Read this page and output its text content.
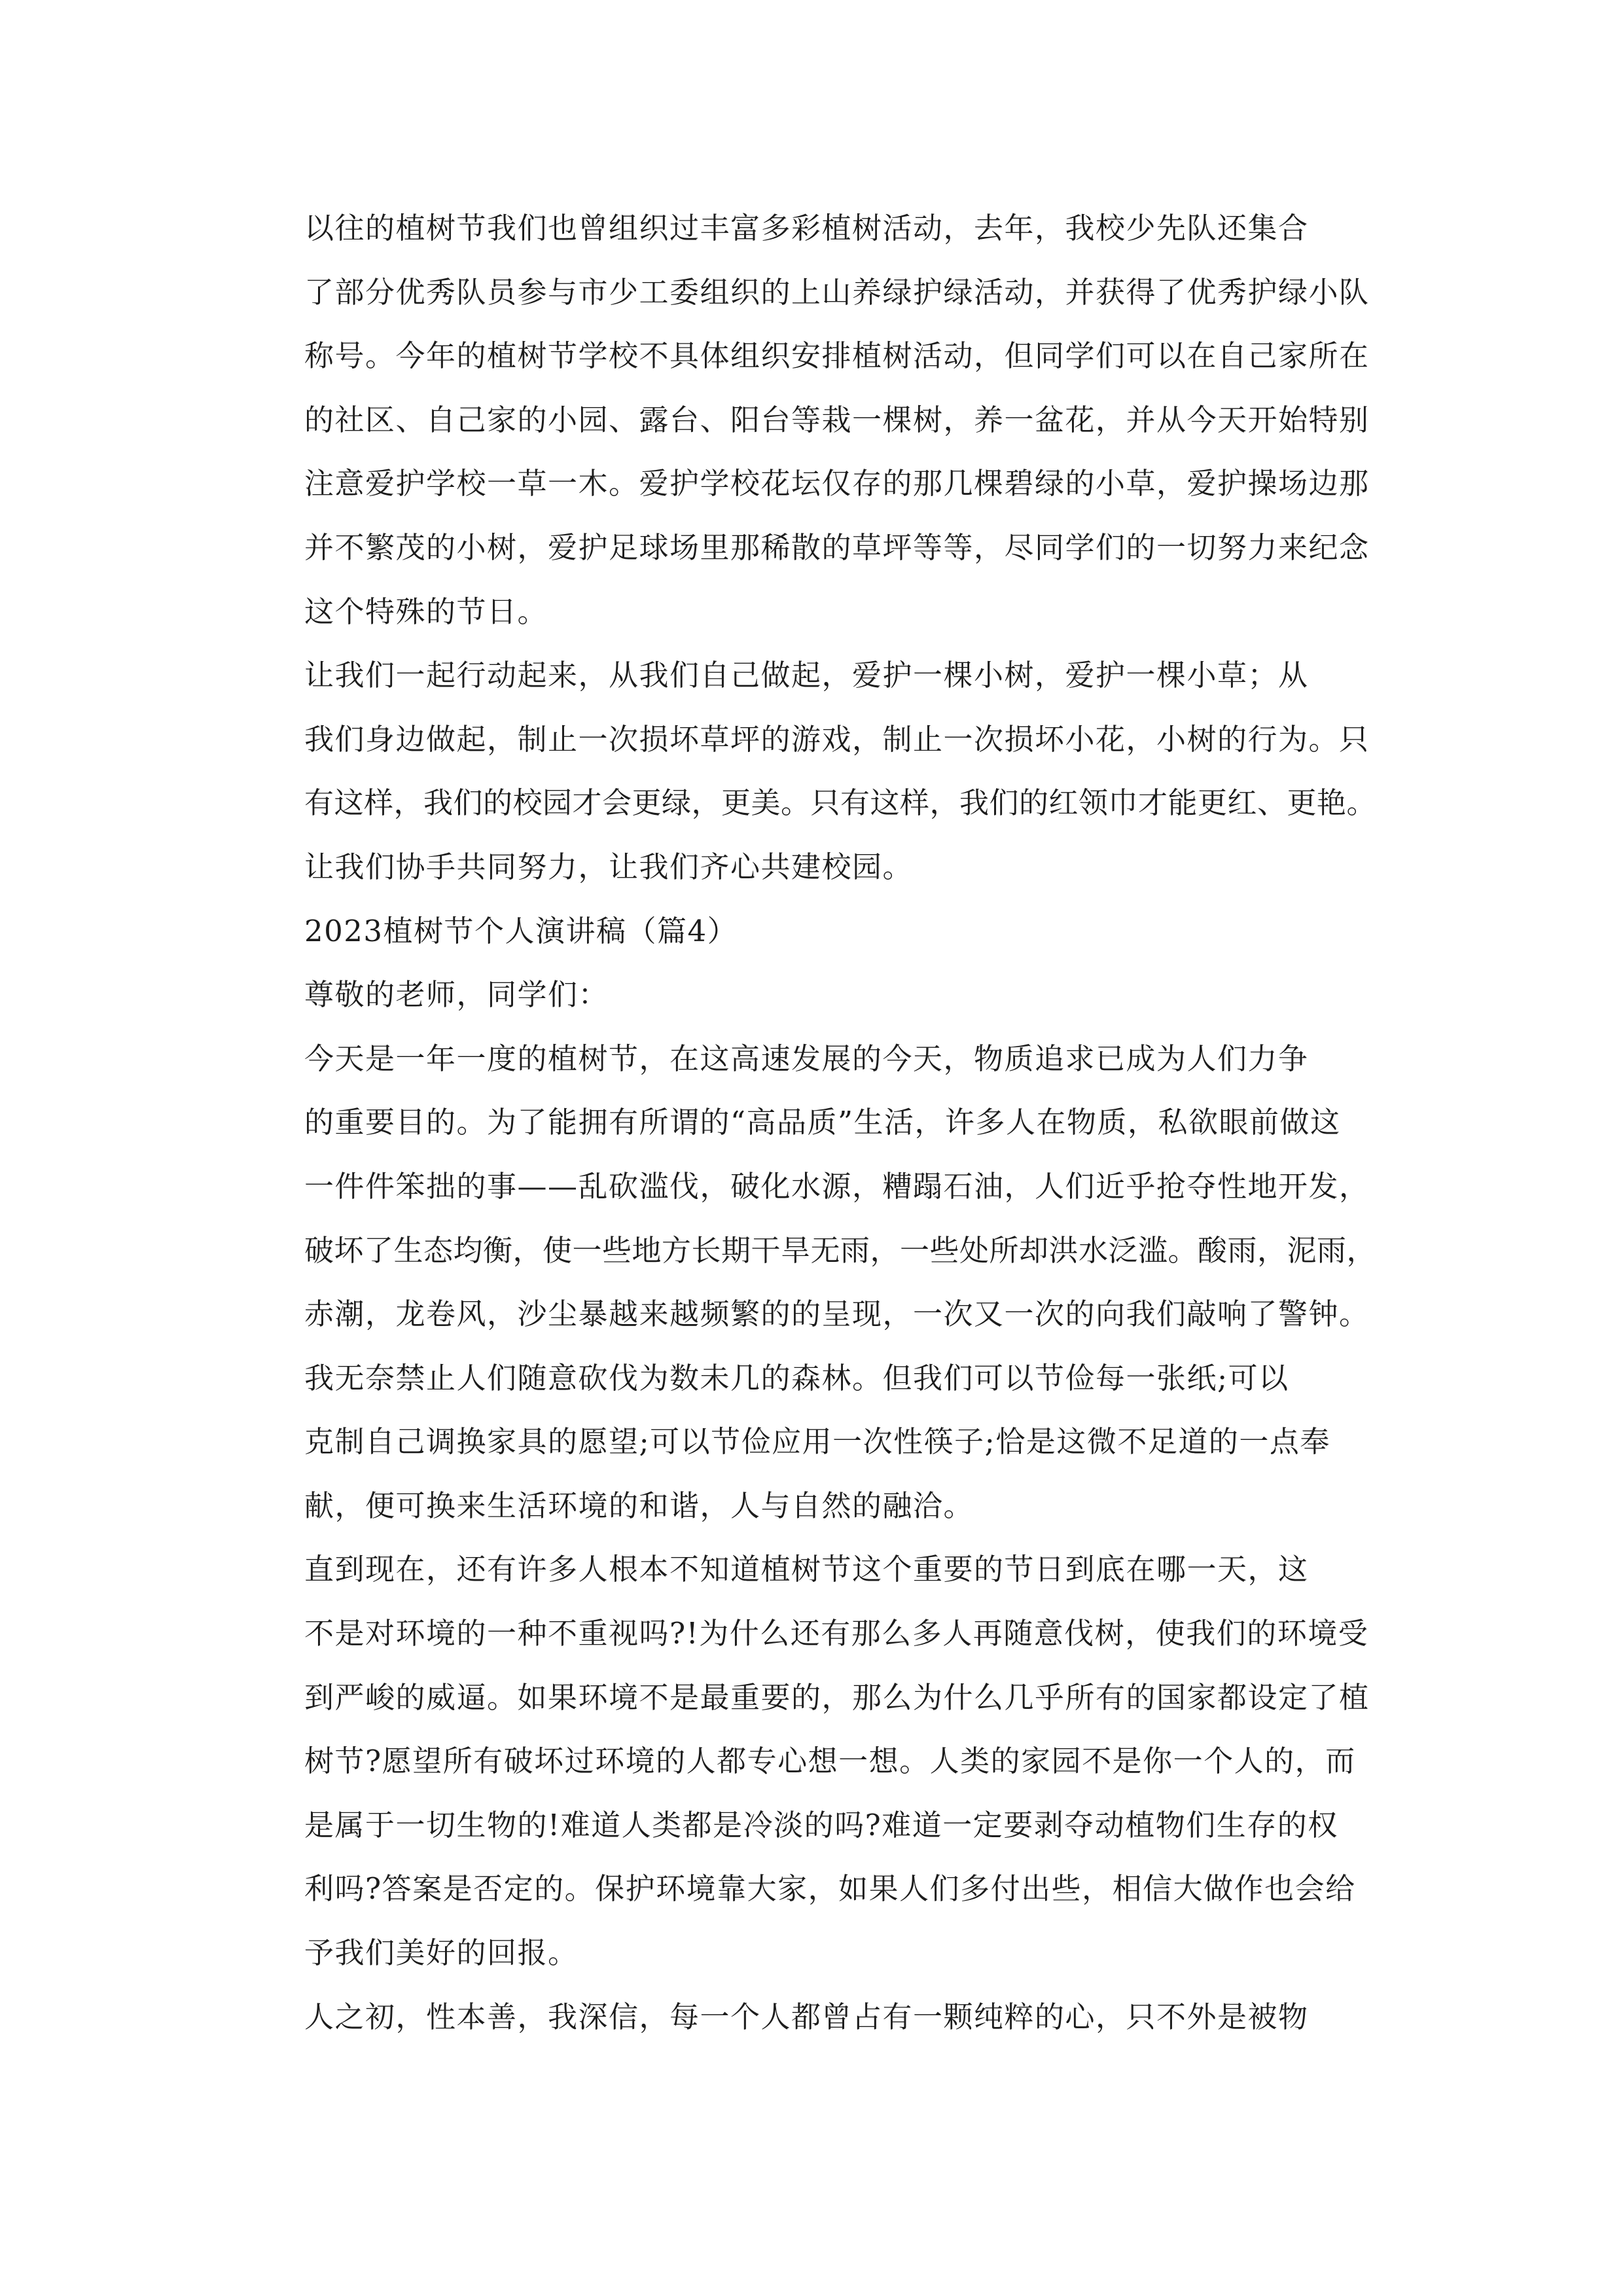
以往的植树节我们也曾组织过丰富多彩植树活动，去年，我校少先队还集合
了部分优秀队员参与市少工委组织的上山养绿护绿活动，并获得了优秀护绿小队
称号。今年的植树节学校不具体组织安排植树活动，但同学们可以在自己家所在
的社区、自己家的小园、露台、阳台等栽一棵树，养一盆花，并从今天开始特别
注意爱护学校一草一木。爱护学校花坛仅存的那几棵碧绿的小草，爱护操场边那
并不繁茂的小树，爱护足球场里那稀散的草坪等等，尽同学们的一切努力来纪念
这个特殊的节日。

让我们一起行动起来，从我们自己做起，爱护一棵小树，爱护一棵小草；从
我们身边做起，制止一次损坏草坪的游戏，制止一次损坏小花，小树的行为。只
有这样，我们的校园才会更绿，更美。只有这样，我们的红领巾才能更红、更艳。
让我们协手共同努力，让我们齐心共建校园。

2023植树节个人演讲稿（篇4）

尊敬的老师，同学们：

今天是一年一度的植树节，在这高速发展的今天，物质追求已成为人们力争
的重要目的。为了能拥有所谓的“高品质”生活，许多人在物质，私欲眼前做这
一件件笨拙的事——乱砍滥伐，破化水源，糟蹋石油，人们近乎抢夺性地开发，
破坏了生态均衡，使一些地方长期干旱无雨，一些处所却洪水泛滥。酸雨，泥雨，
赤潮，龙卷风，沙尘暴越来越频繁的的呈现，一次又一次的向我们敲响了警钟。

我无奈禁止人们随意砍伐为数未几的森林。但我们可以节俭每一张纸;可以
克制自己调换家具的愿望;可以节俭应用一次性筷子;恰是这微不足道的一点奉
献，便可换来生活环境的和谐，人与自然的融洽。

直到现在，还有许多人根本不知道植树节这个重要的节日到底在哪一天，这
不是对环境的一种不重视吗?!为什么还有那么多人再随意伐树，使我们的环境受
到严峻的威逼。如果环境不是最重要的，那么为什么几乎所有的国家都设定了植
树节?愿望所有破坏过环境的人都专心想一想。人类的家园不是你一个人的，而
是属于一切生物的!难道人类都是冷淡的吗?难道一定要剥夺动植物们生存的权
利吗?答案是否定的。保护环境靠大家，如果人们多付出些，相信大做作也会给
予我们美好的回报。

人之初，性本善，我深信，每一个人都曾占有一颗纯粹的心，只不外是被物
